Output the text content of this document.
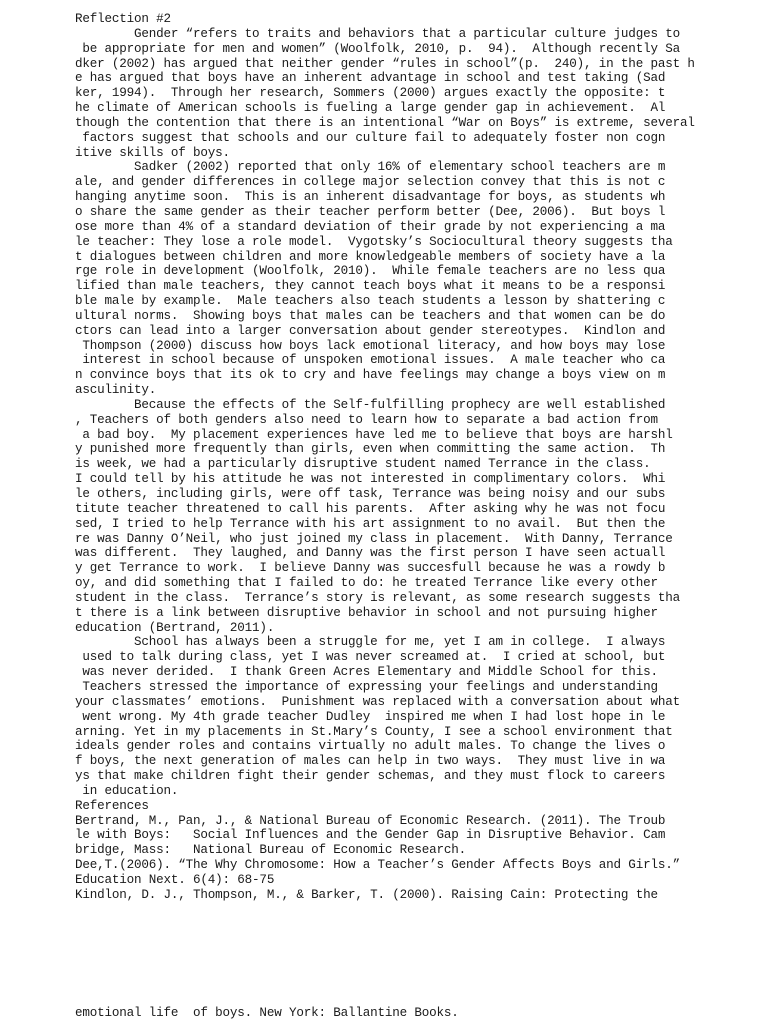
Reflection #2
Gender “refers to traits and behaviors that a particular culture judges to
be appropriate for men and women” (Woolfolk, 2010, p.  94).  Although recently Sa
dker (2002) has argued that neither gender “rules in school”(p.  240), in the past h
e has argued that boys have an inherent advantage in school and test taking (Sad
ker, 1994).  Through her research, Sommers (2000) argues exactly the opposite: t
he climate of American schools is fueling a large gender gap in achievement.  Al
though the contention that there is an intentional “War on Boys” is extreme, several
factors suggest that schools and our culture fail to adequately foster non cogn
itive skills of boys.
Sadker (2002) reported that only 16% of elementary school teachers are m
ale, and gender differences in college major selection convey that this is not c
hanging anytime soon.  This is an inherent disadvantage for boys, as students wh
o share the same gender as their teacher perform better (Dee, 2006).  But boys l
ose more than 4% of a standard deviation of their grade by not experiencing a ma
le teacher: They lose a role model.  Vygotsky’s Sociocultural theory suggests tha
t dialogues between children and more knowledgeable members of society have a la
rge role in development (Woolfolk, 2010).  While female teachers are no less qua
lified than male teachers, they cannot teach boys what it means to be a responsi
ble male by example.  Male teachers also teach students a lesson by shattering c
ultural norms.  Showing boys that males can be teachers and that women can be do
ctors can lead into a larger conversation about gender stereotypes.  Kindlon and
Thompson (2000) discuss how boys lack emotional literacy, and how boys may lose
interest in school because of unspoken emotional issues.  A male teacher who ca
n convince boys that its ok to cry and have feelings may change a boys view on m
asculinity.
Because the effects of the Self-fulfilling prophecy are well established
, Teachers of both genders also need to learn how to separate a bad action from
a bad boy.  My placement experiences have led me to believe that boys are harshl
y punished more frequently than girls, even when committing the same action.  Th
is week, we had a particularly disruptive student named Terrance in the class.
I could tell by his attitude he was not interested in complimentary colors.  Whi
le others, including girls, were off task, Terrance was being noisy and our subs
titute teacher threatened to call his parents.  After asking why he was not focu
sed, I tried to help Terrance with his art assignment to no avail.  But then the
re was Danny O’Neil, who just joined my class in placement.  With Danny, Terrance
was different.  They laughed, and Danny was the first person I have seen actuall
y get Terrance to work.  I believe Danny was succesfull because he was a rowdy b
oy, and did something that I failed to do: he treated Terrance like every other
student in the class.  Terrance’s story is relevant, as some research suggests tha
t there is a link between disruptive behavior in school and not pursuing higher
education (Bertrand, 2011).
School has always been a struggle for me, yet I am in college.  I always
used to talk during class, yet I was never screamed at.  I cried at school, but
was never derided.  I thank Green Acres Elementary and Middle School for this.
Teachers stressed the importance of expressing your feelings and understanding
your classmates’ emotions.  Punishment was replaced with a conversation about what
went wrong. My 4th grade teacher Dudley  inspired me when I had lost hope in le
arning. Yet in my placements in St.Mary’s County, I see a school environment that
ideals gender roles and contains virtually no adult males. To change the lives o
f boys, the next generation of males can help in two ways.  They must live in wa
ys that make children fight their gender schemas, and they must flock to careers
in education.
References
Bertrand, M., Pan, J., & National Bureau of Economic Research. (2011). The Troub
le with Boys:   Social Influences and the Gender Gap in Disruptive Behavior. Cam
bridge, Mass:   National Bureau of Economic Research.
Dee,T.(2006). “The Why Chromosome: How a Teacher’s Gender Affects Boys and Girls.”
Education Next. 6(4): 68-75
Kindlon, D. J., Thompson, M., & Barker, T. (2000). Raising Cain: Protecting the
emotional life  of boys. New York: Ballantine Books.
